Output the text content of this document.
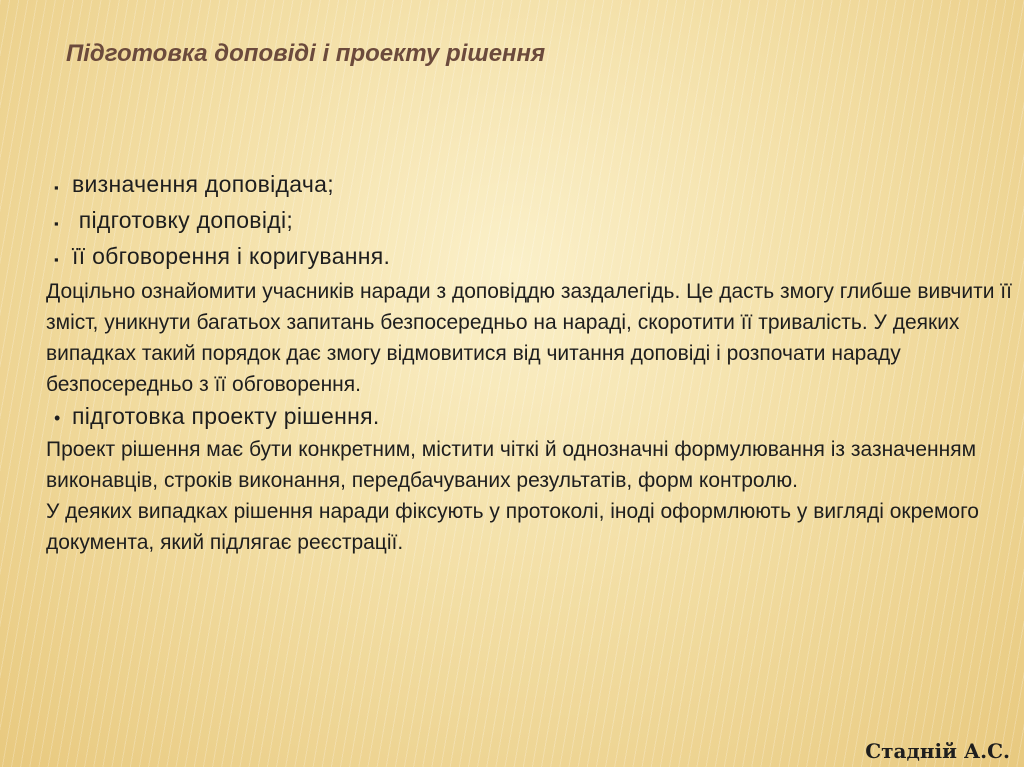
Підготовка доповіді і проекту рішення
▪ визначення доповідача;
▪ підготовку доповіді;
▪ її обговорення і коригування.

Доцільно ознайомити учасників наради з доповіддю заздалегідь. Це дасть змогу глибше вивчити її зміст, уникнути багатьох запитань безпосередньо на нараді, скоротити її тривалість. У деяких випадках такий порядок дає змогу відмовитися від читання доповіді і розпочати нараду безпосередньо з її обговорення.

• підготовка проекту рішення.

Проект рішення має бути конкретним, містити чіткі й однозначні формулювання із зазначенням виконавців, строків виконання, передбачуваних результатів, форм контролю.

У деяких випадках рішення наради фіксують у протоколі, іноді оформлюють у вигляді окремого документа, який підлягає реєстрації.

Стадній А.С.
